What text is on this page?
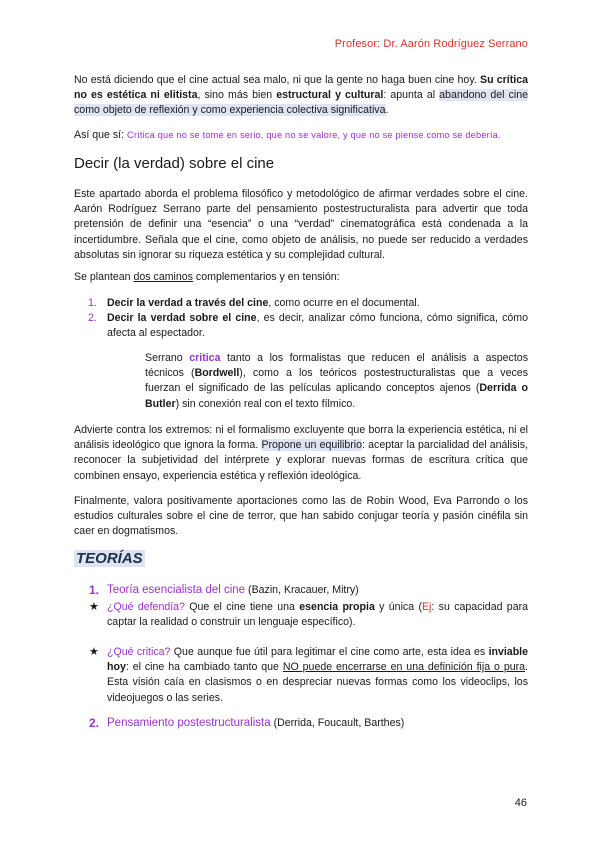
Profesor: Dr. Aarón Rodríguez Serrano
No está diciendo que el cine actual sea malo, ni que la gente no haga buen cine hoy. Su crítica no es estética ni elitista, sino más bien estructural y cultural: apunta al abandono del cine como objeto de reflexión y como experiencia colectiva significativa.
Así que sí: Crítica que no se tome en serio, que no se valore, y que no se piense como se debería.
Decir (la verdad) sobre el cine
Este apartado aborda el problema filosófico y metodológico de afirmar verdades sobre el cine. Aarón Rodríguez Serrano parte del pensamiento postestructuralista para advertir que toda pretensión de definir una “esencia” o una “verdad” cinematográfica está condenada a la incertidumbre. Señala que el cine, como objeto de análisis, no puede ser reducido a verdades absolutas sin ignorar su riqueza estética y su complejidad cultural.
Se plantean dos caminos complementarios y en tensión:
1. Decir la verdad a través del cine, como ocurre en el documental.
2. Decir la verdad sobre el cine, es decir, analizar cómo funciona, cómo significa, cómo afecta al espectador.
Serrano critica tanto a los formalistas que reducen el análisis a aspectos técnicos (Bordwell), como a los teóricos postestructuralistas que a veces fuerzan el significado de las películas aplicando conceptos ajenos (Derrida o Butler) sin conexión real con el texto fílmico.
Advierte contra los extremos: ni el formalismo excluyente que borra la experiencia estética, ni el análisis ideológico que ignora la forma. Propone un equilibrio: aceptar la parcialidad del análisis, reconocer la subjetividad del intérprete y explorar nuevas formas de escritura crítica que combinen ensayo, experiencia estética y reflexión ideológica.
Finalmente, valora positivamente aportaciones como las de Robin Wood, Eva Parrondo o los estudios culturales sobre el cine de terror, que han sabido conjugar teoría y pasión cinéfila sin caer en dogmatismos.
TEORÍAS
1. Teoría esencialista del cine (Bazin, Kracauer, Mitry)
★ ¿Qué defendía? Que el cine tiene una esencia propia y única (Ej: su capacidad para captar la realidad o construir un lenguaje específico).
★ ¿Qué critica? Que aunque fue útil para legitimar el cine como arte, esta idea es inviable hoy: el cine ha cambiado tanto que NO puede encerrarse en una definición fija o pura. Esta visión caía en clasismos o en despreciar nuevas formas como los videoclips, los videojuegos o las series.
2. Pensamiento postestructuralista (Derrida, Foucault, Barthes)
46
